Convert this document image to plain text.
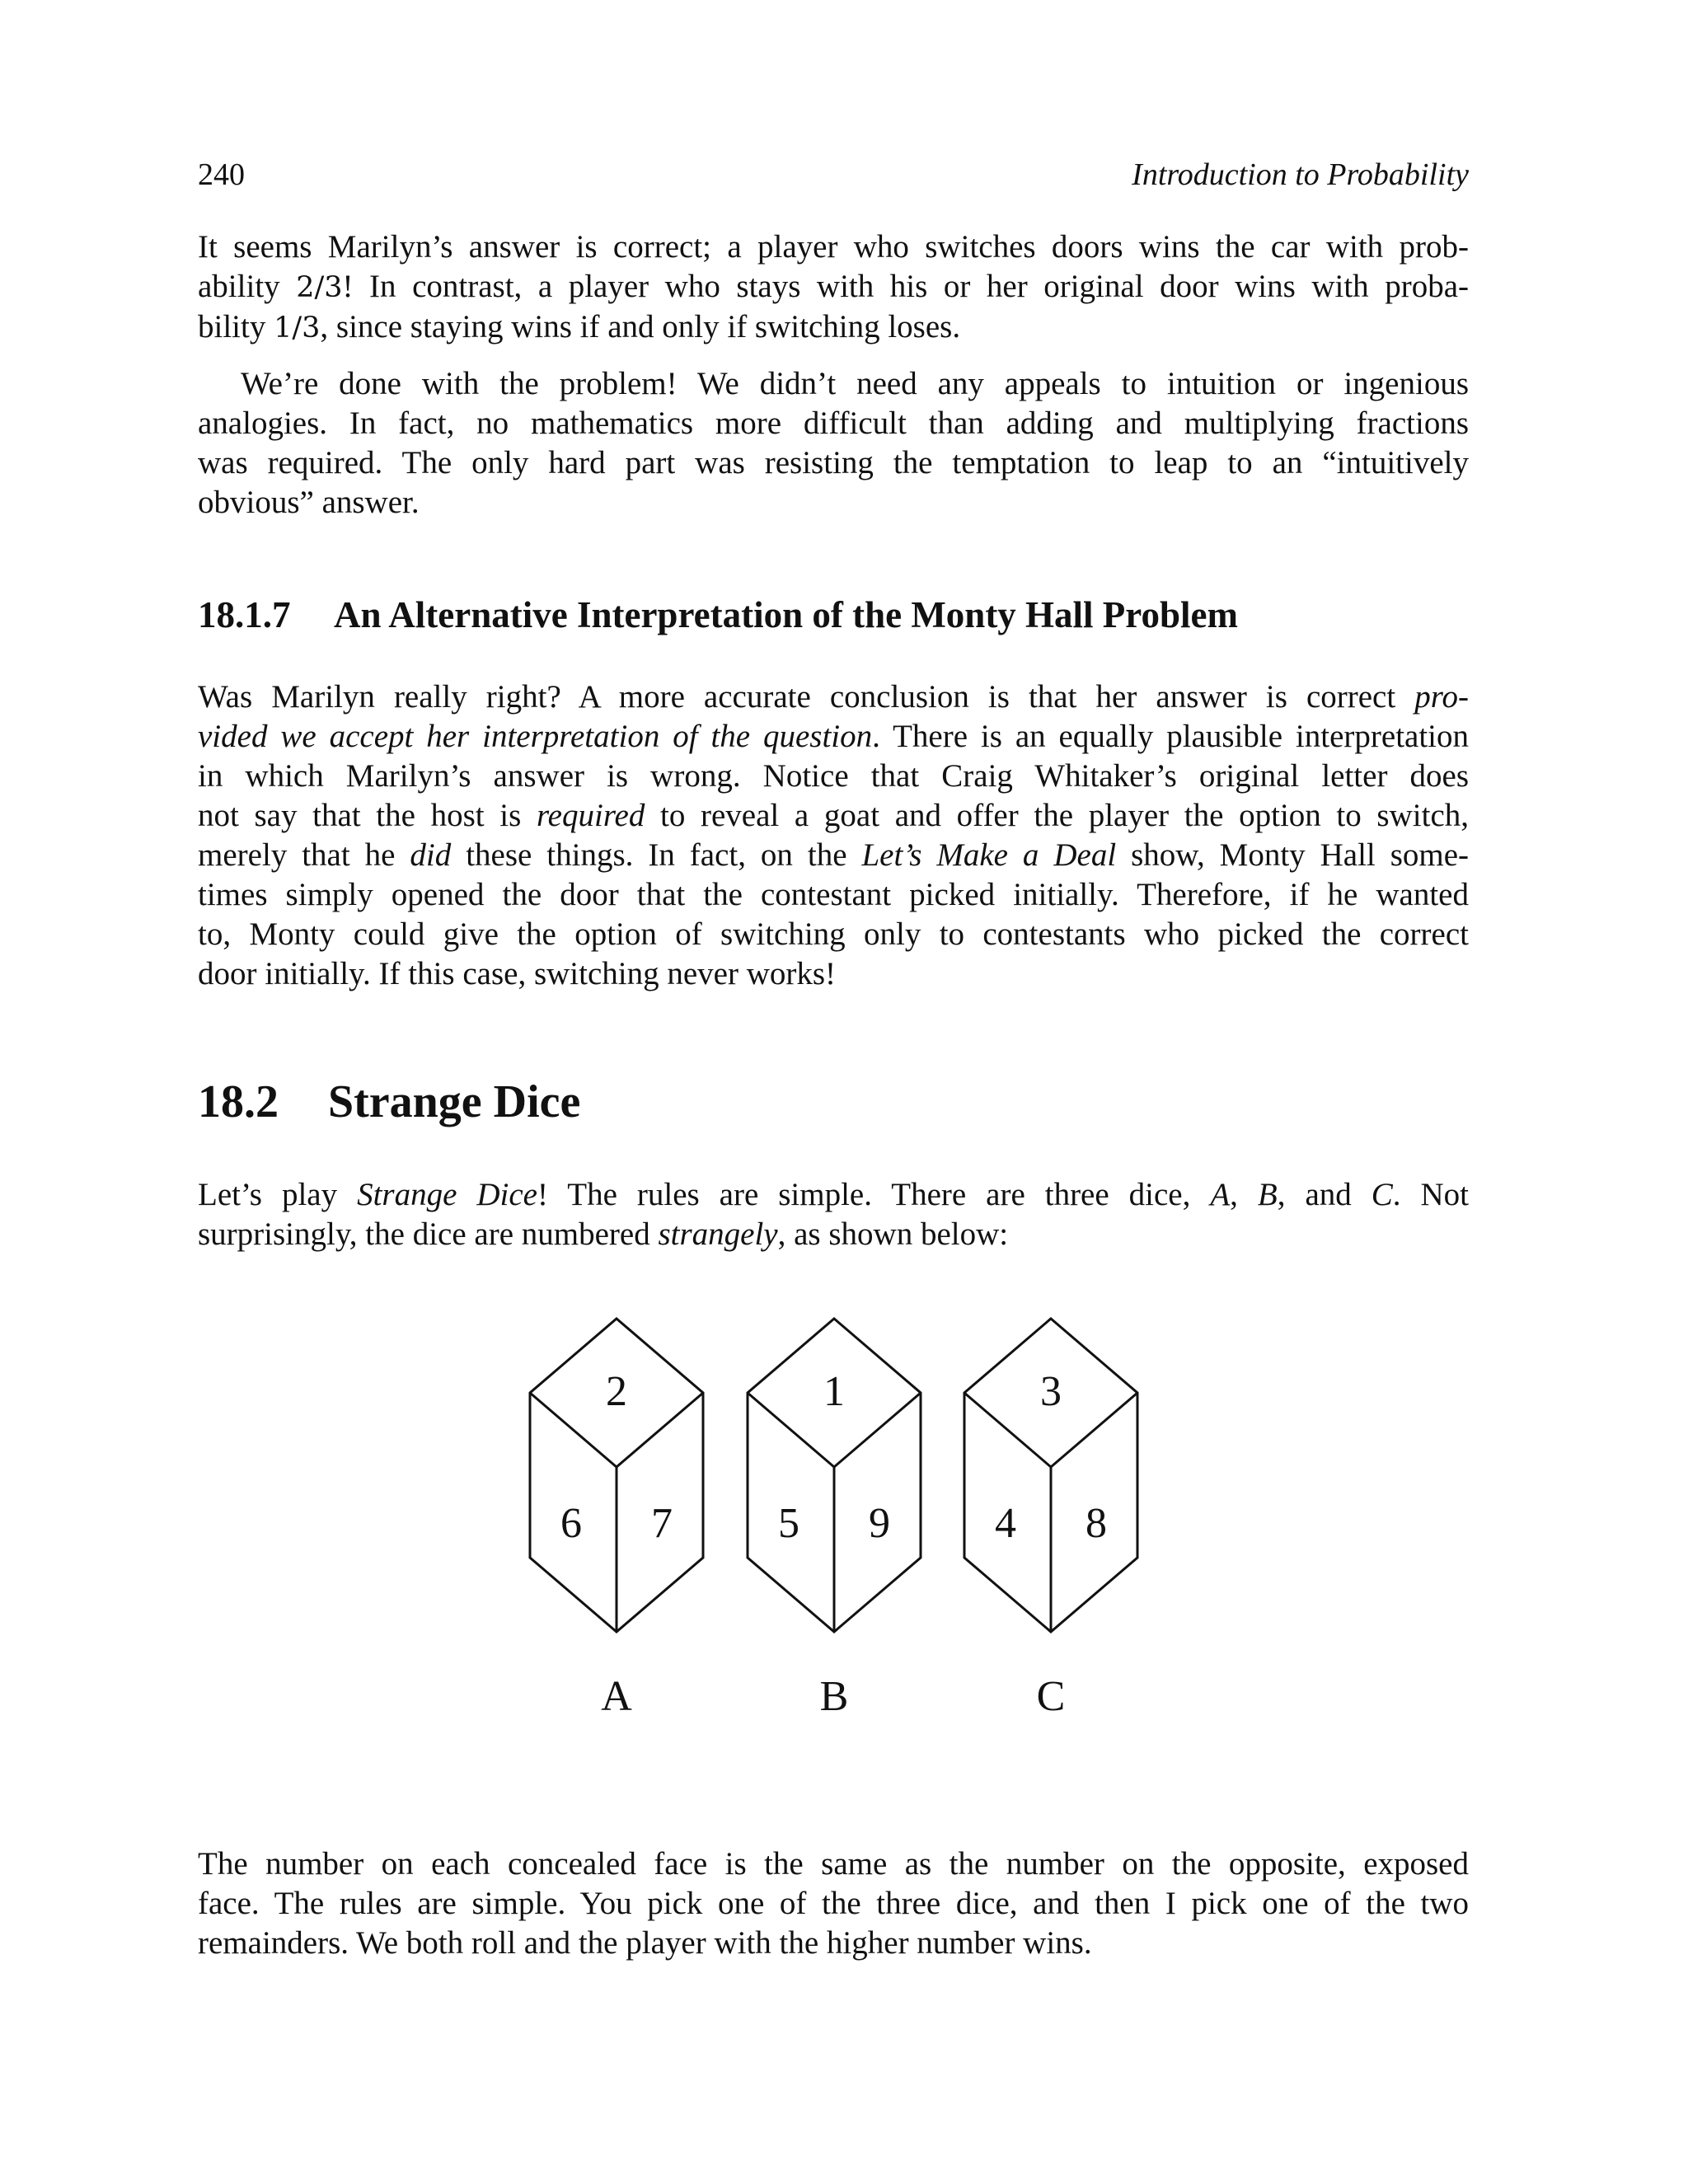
240	Introduction to Probability
It seems Marilyn’s answer is correct; a player who switches doors wins the car with prob-
ability 2/3! In contrast, a player who stays with his or her original door wins with proba-
bility 1/3, since staying wins if and only if switching loses.
We’re done with the problem! We didn’t need any appeals to intuition or ingenious
analogies. In fact, no mathematics more difficult than adding and multiplying fractions
was required. The only hard part was resisting the temptation to leap to an “intuitively
obvious” answer.
18.1.7 An Alternative Interpretation of the Monty Hall Problem
Was Marilyn really right? A more accurate conclusion is that her answer is correct pro-
vided we accept her interpretation of the question. There is an equally plausible interpretation
in which Marilyn’s answer is wrong. Notice that Craig Whitaker’s original letter does
not say that the host is required to reveal a goat and offer the player the option to switch,
merely that he did these things. In fact, on the Let’s Make a Deal show, Monty Hall some-
times simply opened the door that the contestant picked initially. Therefore, if he wanted
to, Monty could give the option of switching only to contestants who picked the correct
door initially. If this case, switching never works!
18.2 Strange Dice
Let’s play Strange Dice! The rules are simple. There are three dice, A, B, and C. Not
surprisingly, the dice are numbered strangely, as shown below:
2
6 7
A
1
5 9
B
3
4 8
C
The number on each concealed face is the same as the number on the opposite, exposed
face. The rules are simple. You pick one of the three dice, and then I pick one of the two
remainders. We both roll and the player with the higher number wins.
